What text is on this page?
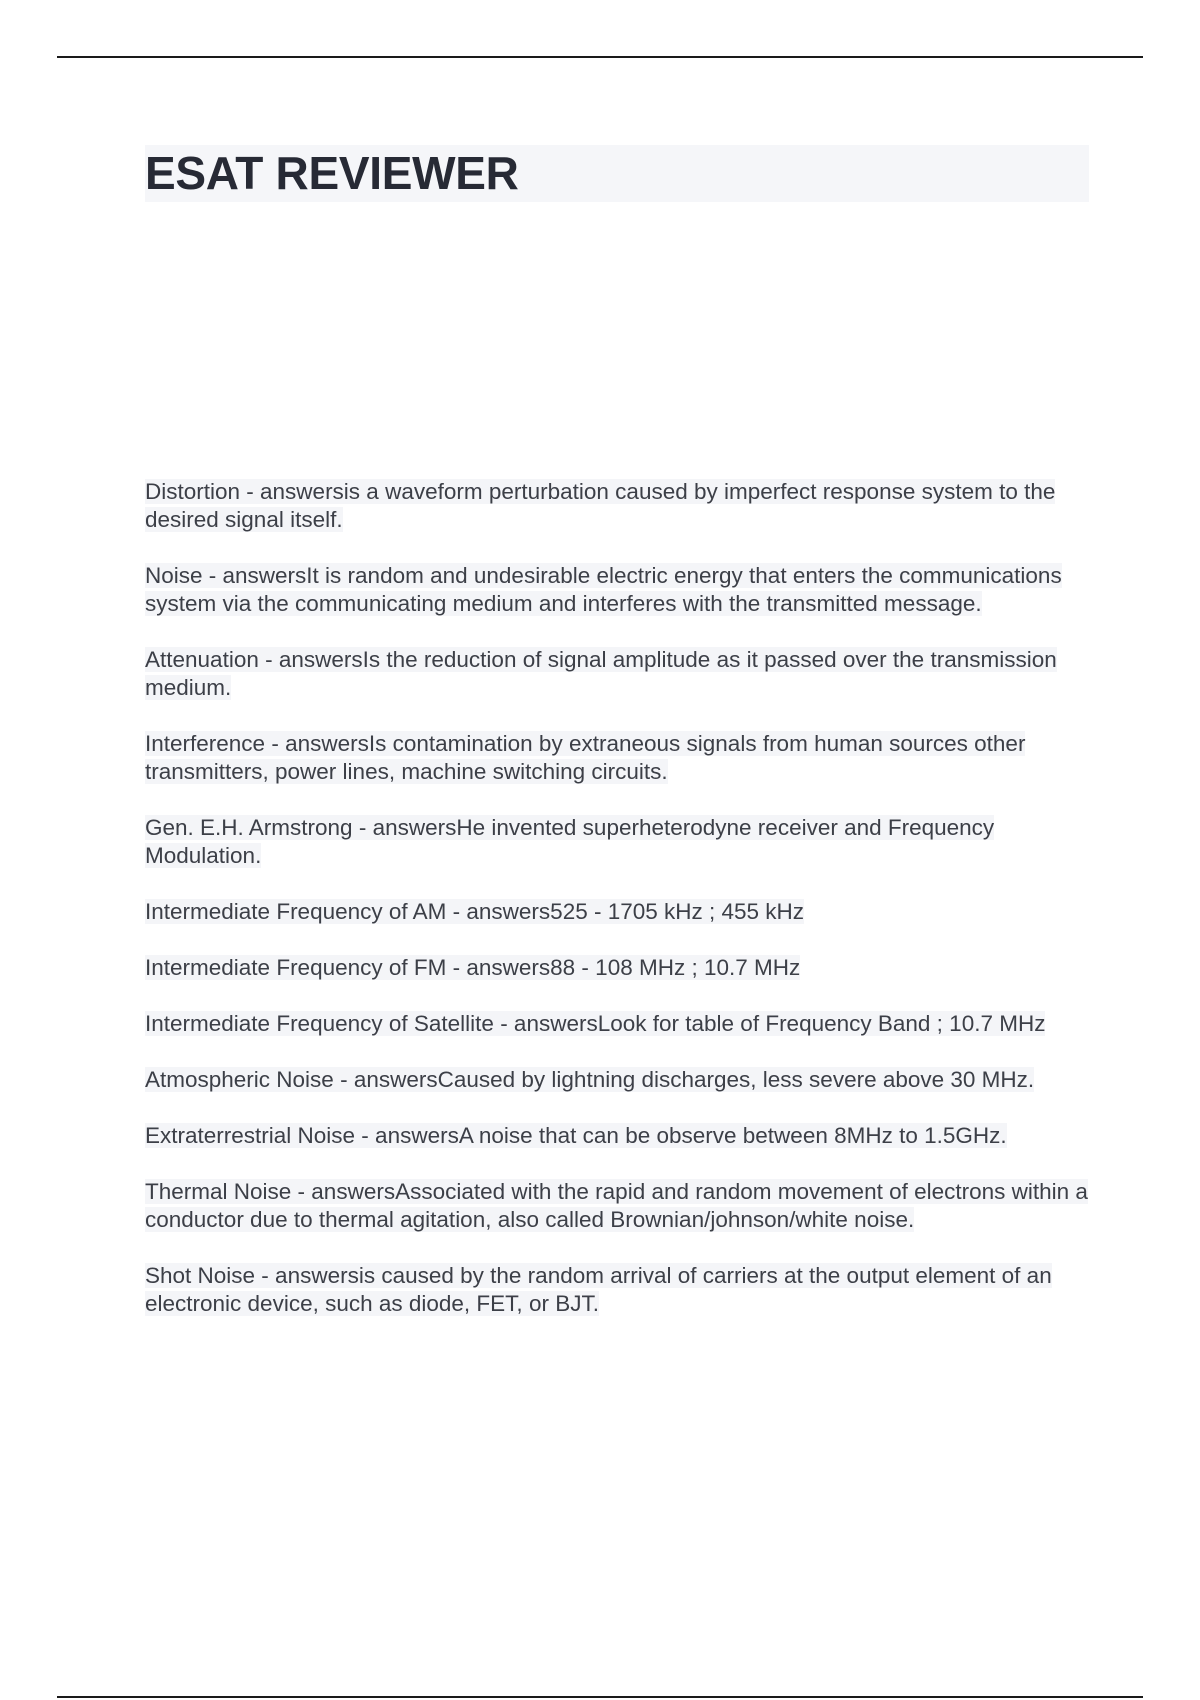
ESAT REVIEWER

Distortion - answersis a waveform perturbation caused by imperfect response system to the desired signal itself.

Noise - answersIt is random and undesirable electric energy that enters the communications system via the communicating medium and interferes with the transmitted message.

Attenuation - answersIs the reduction of signal amplitude as it passed over the transmission medium.

Interference - answersIs contamination by extraneous signals from human sources other transmitters, power lines, machine switching circuits.

Gen. E.H. Armstrong - answersHe invented superheterodyne receiver and Frequency Modulation.

Intermediate Frequency of AM - answers525 - 1705 kHz ; 455 kHz

Intermediate Frequency of FM - answers88 - 108 MHz ; 10.7 MHz

Intermediate Frequency of Satellite - answersLook for table of Frequency Band ; 10.7 MHz

Atmospheric Noise - answersCaused by lightning discharges, less severe above 30 MHz.

Extraterrestrial Noise - answersA noise that can be observe between 8MHz to 1.5GHz.

Thermal Noise - answersAssociated with the rapid and random movement of electrons within a conductor due to thermal agitation, also called Brownian/johnson/white noise.

Shot Noise - answersis caused by the random arrival of carriers at the output element of an electronic device, such as diode, FET, or BJT.
